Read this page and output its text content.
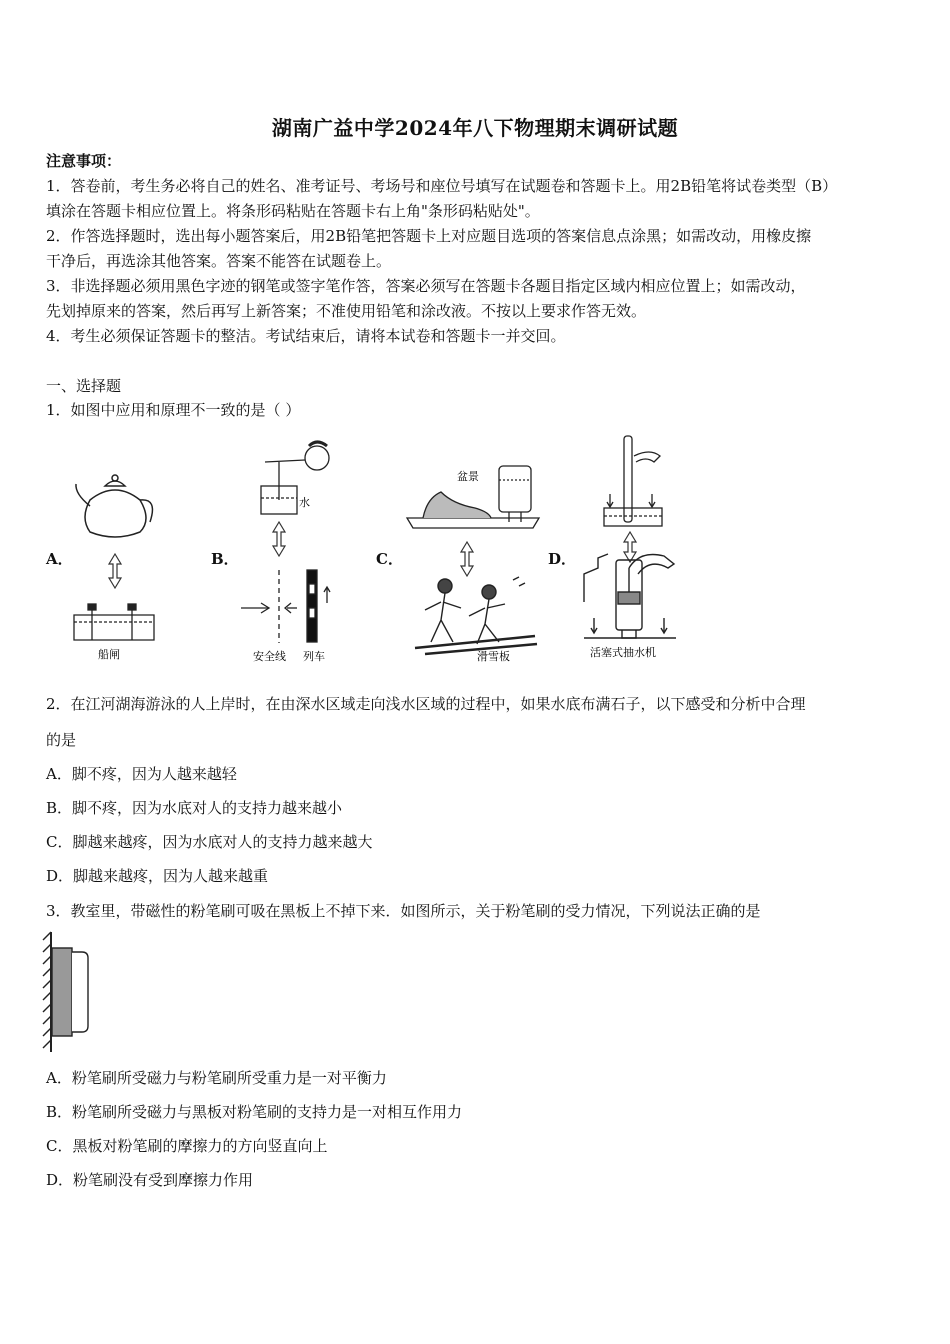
湖南广益中学2024年八下物理期末调研试题
注意事项：
1．答卷前，考生务必将自己的姓名、准考证号、考场号和座位号填写在试题卷和答题卡上。用2B铅笔将试卷类型（B）
填涂在答题卡相应位置上。将条形码粘贴在答题卡右上角"条形码粘贴处"。
2．作答选择题时，选出每小题答案后，用2B铅笔把答题卡上对应题目选项的答案信息点涂黑；如需改动，用橡皮擦
干净后，再选涂其他答案。答案不能答在试题卷上。
3．非选择题必须用黑色字迹的钢笔或签字笔作答，答案必须写在答题卡各题目指定区域内相应位置上；如需改动，
先划掉原来的答案，然后再写上新答案；不准使用铅笔和涂改液。不按以上要求作答无效。
4．考生必须保证答题卡的整洁。考试结束后，请将本试卷和答题卡一并交回。
一、选择题
1．如图中应用和原理不一致的是（ ）
A．	B．	C．	D．
船闸
水
安全线 列车
盆景
滑雪板	活塞式抽水机
2．在江河湖海游泳的人上岸时，在由深水区域走向浅水区域的过程中，如果水底布满石子，以下感受和分析中合理
的是
A．脚不疼，因为人越来越轻
B．脚不疼，因为水底对人的支持力越来越小
C．脚越来越疼，因为水底对人的支持力越来越大
D．脚越来越疼，因为人越来越重
3．教室里，带磁性的粉笔刷可吸在黑板上不掉下来．如图所示，关于粉笔刷的受力情况，下列说法正确的是
A．粉笔刷所受磁力与粉笔刷所受重力是一对平衡力
B．粉笔刷所受磁力与黑板对粉笔刷的支持力是一对相互作用力
C．黑板对粉笔刷的摩擦力的方向竖直向上
D．粉笔刷没有受到摩擦力作用
